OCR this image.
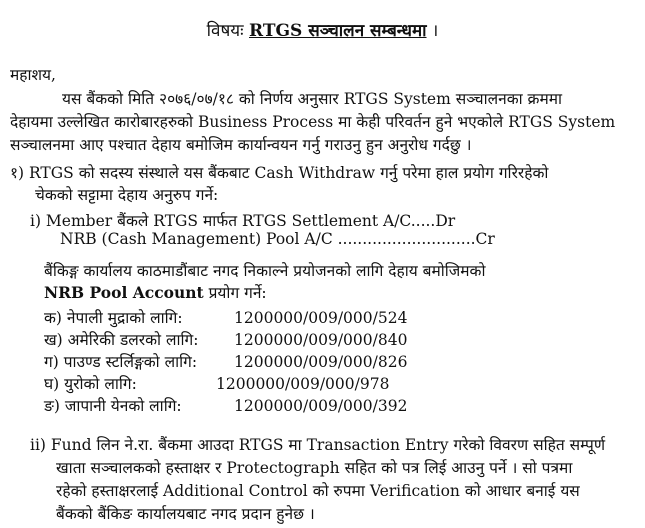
विषयः RTGS सञ्चालन सम्बन्धमा ।
महाशय,
यस बैंकको मिति २०७६/०७/१८ को निर्णय अनुसार RTGS System सञ्चालनका क्रममा
देहायमा उल्लेखित कारोबारहरुको Business Process मा केही परिवर्तन हुने भएकोले RTGS System
सञ्चालनमा आए पश्चात देहाय बमोजिम कार्यान्वयन गर्नु गराउनु हुन अनुरोध गर्दछु ।
१) RTGS को सदस्य संस्थाले यस बैंकबाट Cash Withdraw गर्नु परेमा हाल प्रयोग गरिरहेको
चेकको सट्टामा देहाय अनुरुप गर्ने:
i) Member बैंकले RTGS मार्फत RTGS Settlement A/C.....Dr
NRB (Cash Management) Pool A/C ............................Cr
बैंकिङ्ग कार्यालय काठमाडौंबाट नगद निकाल्ने प्रयोजनको लागि देहाय बमोजिमको
NRB Pool Account प्रयोग गर्ने:
क) नेपाली मुद्राको लागि:	1200000/009/000/524
ख) अमेरिकी डलरको लागि: 1200000/009/000/840
ग) पाउण्ड स्टर्लिङ्गको लागि: 1200000/009/000/826
घ) युरोको लागि:	1200000/009/000/978
ङ) जापानी येनको लागि:	1200000/009/000/392
ii) Fund लिन ने.रा. बैंकमा आउदा RTGS मा Transaction Entry गरेको विवरण सहित सम्पूर्ण
खाता सञ्चालकको हस्ताक्षर र Protectograph सहित को पत्र लिई आउनु पर्ने । सो पत्रमा
रहेको हस्ताक्षरलाई Additional Control को रुपमा Verification को आधार बनाई यस
बैंकको बैंकिङ कार्यालयबाट नगद प्रदान हुनेछ ।
